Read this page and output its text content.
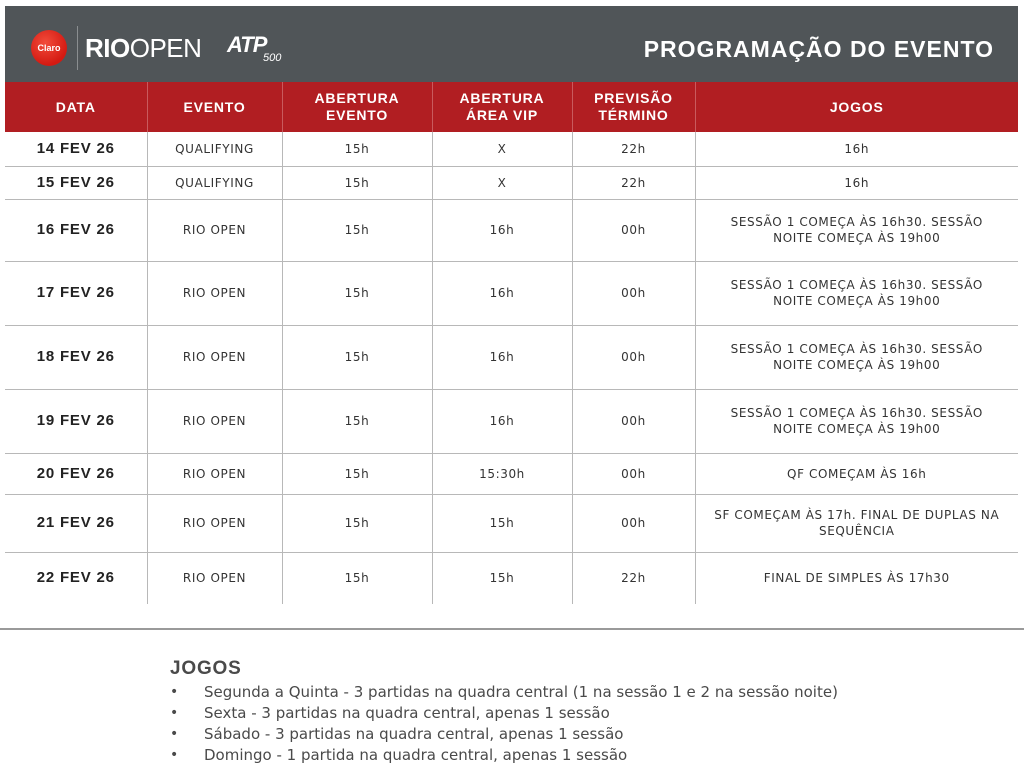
Claro RIOOPEN ATP
500	PROGRAMAÇÃO DO EVENTO
DATA	EVENTO	ABERTURA EVENTO	ABERTURA ÁREA VIP	PREVISÃO TÉRMINO	JOGOS
14 FEV 26	QUALIFYING	15h	X	22h	16h
15 FEV 26	QUALIFYING	15h	X	22h	16h
16 FEV 26	RIO OPEN	15h	16h	00h	SESSÃO 1 COMEÇA ÀS 16h30. SESSÃO NOITE COMEÇA ÀS 19h00

17 FEV 26	RIO OPEN	15h	16h	00h	SESSÃO 1 COMEÇA ÀS 16h30. SESSÃO NOITE COMEÇA ÀS 19h00

18 FEV 26	RIO OPEN	15h	16h	00h	SESSÃO 1 COMEÇA ÀS 16h30. SESSÃO NOITE COMEÇA ÀS 19h00

19 FEV 26	RIO OPEN	15h	16h	00h	SESSÃO 1 COMEÇA ÀS 16h30. SESSÃO NOITE COMEÇA ÀS 19h00

20 FEV 26	RIO OPEN	15h	15:30h	00h	QF COMEÇAM ÀS 16h
21 FEV 26	RIO OPEN	15h	15h	00h	SF COMEÇAM ÀS 17h. FINAL DE DUPLAS NA SEQUÊNCIA

22 FEV 26	RIO OPEN	15h	15h	22h	FINAL DE SIMPLES ÀS 17h30
JOGOS
• Segunda a Quinta - 3 partidas na quadra central (1 na sessão 1 e 2 na sessão noite)
• Sexta - 3 partidas na quadra central, apenas 1 sessão
• Sábado - 3 partidas na quadra central, apenas 1 sessão
• Domingo - 1 partida na quadra central, apenas 1 sessão
